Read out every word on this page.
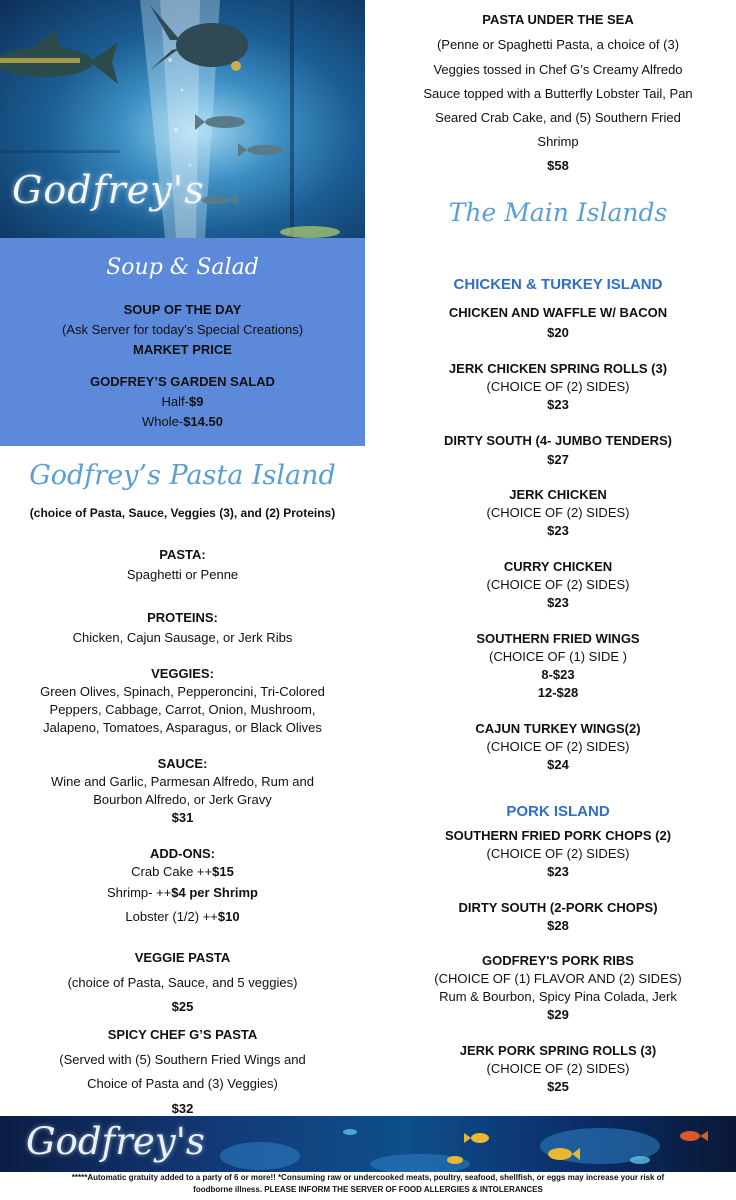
Godfrey's
Soup & Salad
SOUP OF THE DAY
(Ask Server for today’s Special Creations)
MARKET PRICE
GODFREY’S GARDEN SALAD
Half-$9
Whole-$14.50
Godfrey’s Pasta Island
(choice of Pasta, Sauce, Veggies (3), and (2) Proteins)
PASTA:
Spaghetti or Penne
PROTEINS:
Chicken, Cajun Sausage, or Jerk Ribs
VEGGIES:
Green Olives, Spinach, Pepperoncini, Tri-Colored
Peppers, Cabbage, Carrot, Onion, Mushroom,
Jalapeno, Tomatoes, Asparagus, or Black Olives
SAUCE:
Wine and Garlic, Parmesan Alfredo, Rum and
Bourbon Alfredo, or Jerk Gravy
$31
ADD-ONS:
Crab Cake ++$15
Shrimp- ++$4 per Shrimp
Lobster (1/2) ++$10
VEGGIE PASTA
(choice of Pasta, Sauce, and 5 veggies)
$25
SPICY CHEF G’S PASTA
(Served with (5) Southern Fried Wings and
Choice of Pasta and (3) Veggies)
$32
PASTA UNDER THE SEA
(Penne or Spaghetti Pasta, a choice of (3)
Veggies tossed in Chef G’s Creamy Alfredo
Sauce topped with a Butterfly Lobster Tail, Pan
Seared Crab Cake, and (5) Southern Fried
Shrimp
$58
The Main Islands
CHICKEN & TURKEY ISLAND
CHICKEN AND WAFFLE W/ BACON
$20
JERK CHICKEN SPRING ROLLS (3)
(CHOICE OF (2) SIDES)
$23
DIRTY SOUTH (4- JUMBO TENDERS)
$27
JERK CHICKEN
(CHOICE OF (2) SIDES)
$23
CURRY CHICKEN
(CHOICE OF (2) SIDES)
$23
SOUTHERN FRIED WINGS
(CHOICE OF (1) SIDE )
8-$23
12-$28
CAJUN TURKEY WINGS(2)
(CHOICE OF (2) SIDES)
$24
PORK ISLAND
SOUTHERN FRIED PORK CHOPS (2)
(CHOICE OF (2) SIDES)
$23
DIRTY SOUTH (2-PORK CHOPS)
$28
GODFREY'S PORK RIBS
(CHOICE OF (1) FLAVOR AND (2) SIDES)
Rum & Bourbon, Spicy Pina Colada, Jerk
$29
JERK PORK SPRING ROLLS (3)
(CHOICE OF (2) SIDES)
$25
Godfrey's
*****Automatic gratuity added to a party of 6 or more!! *Consuming raw or undercooked meats, poultry, seafood, shellfish, or eggs may increase your risk of
foodborne illness. PLEASE INFORM THE SERVER OF FOOD ALLERGIES & INTOLERANCES
